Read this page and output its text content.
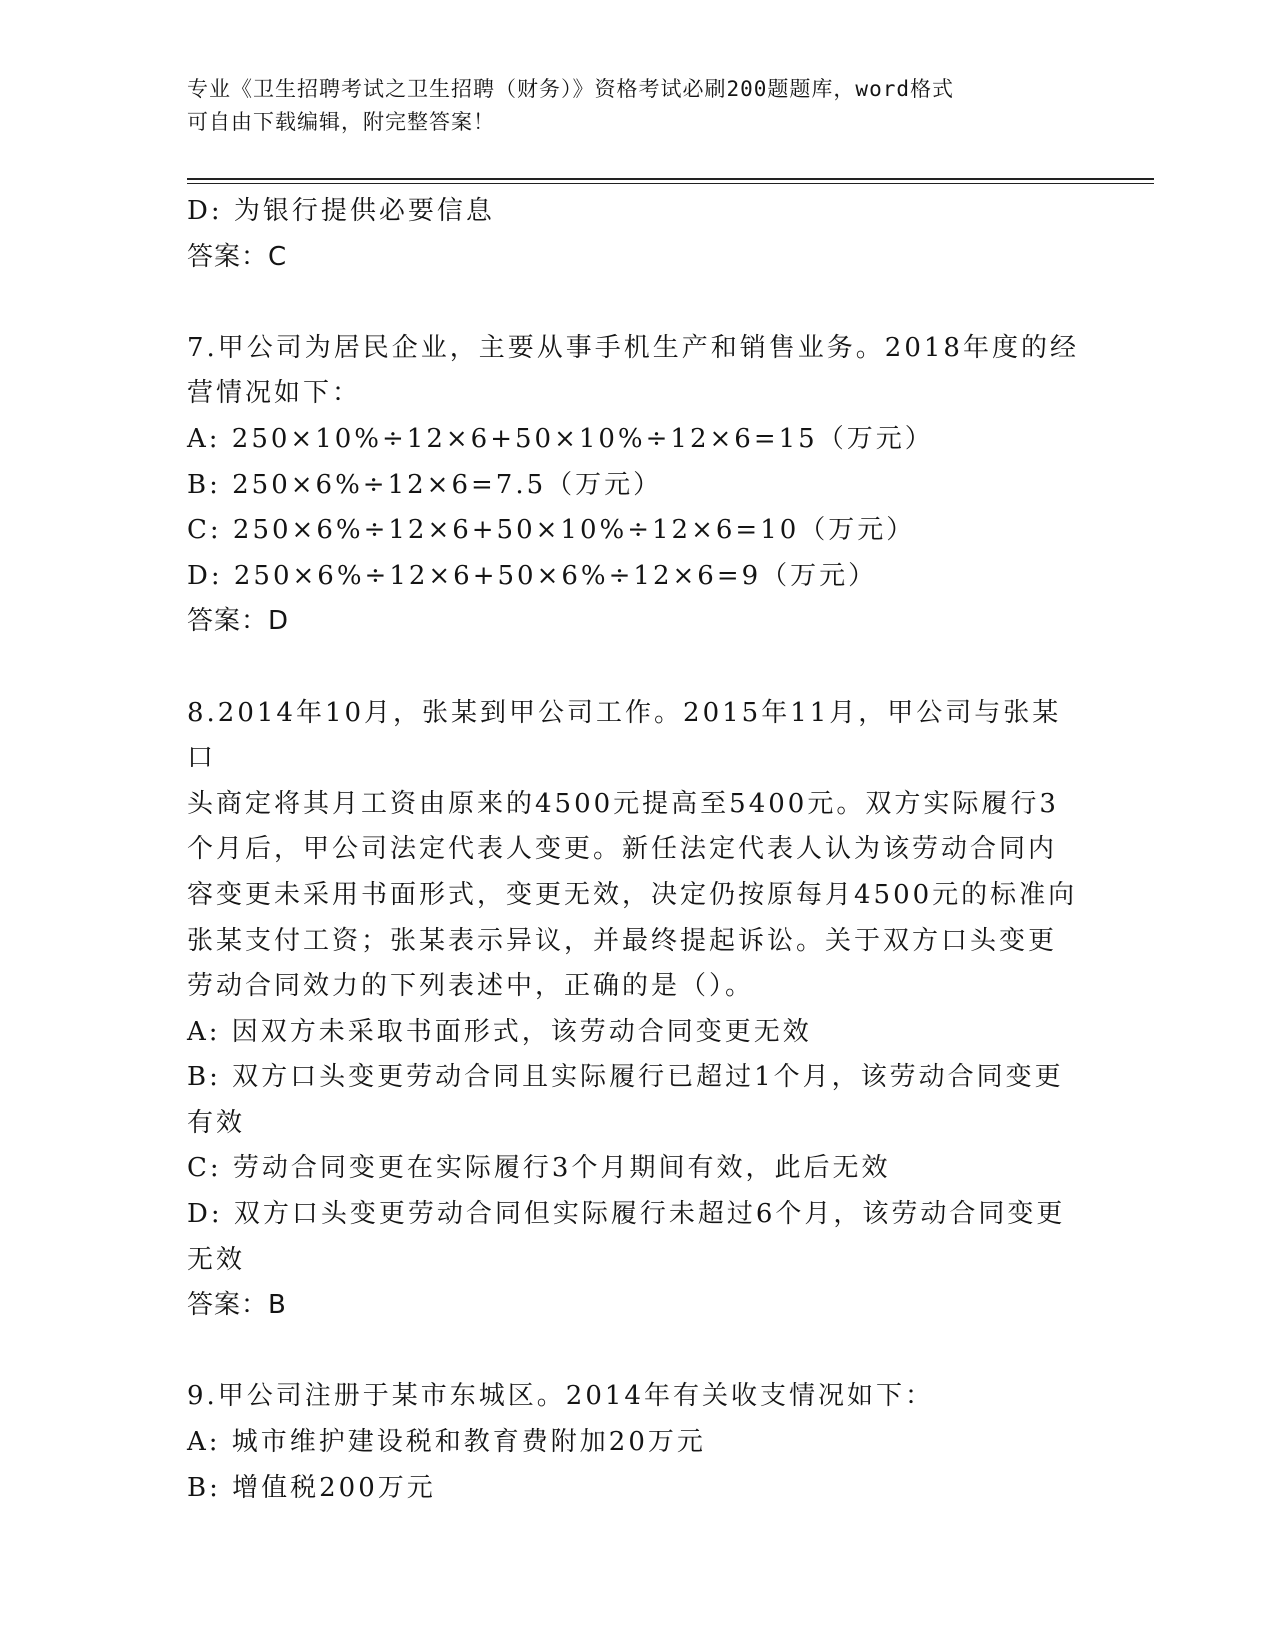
专业《卫生招聘考试之卫生招聘（财务）》资格考试必刷200题题库，word格式
可自由下载编辑，附完整答案！

D: 为银行提供必要信息

答案：C

7.甲公司为居民企业，主要从事手机生产和销售业务。2018年度的经

营情况如下：

A: 250×10%÷12×6+50×10%÷12×6=15（万元）

B: 250×6%÷12×6=7.5（万元）

C: 250×6%÷12×6+50×10%÷12×6=10（万元）

D: 250×6%÷12×6+50×6%÷12×6=9（万元）

答案：D

8.2014年10月，张某到甲公司工作。2015年11月，甲公司与张某口

头商定将其月工资由原来的4500元提高至5400元。双方实际履行3

个月后，甲公司法定代表人变更。新任法定代表人认为该劳动合同内

容变更未采用书面形式，变更无效，决定仍按原每月4500元的标准向

张某支付工资；张某表示异议，并最终提起诉讼。关于双方口头变更

劳动合同效力的下列表述中，正确的是（）。

A: 因双方未采取书面形式，该劳动合同变更无效

B: 双方口头变更劳动合同且实际履行已超过1个月，该劳动合同变更

有效

C: 劳动合同变更在实际履行3个月期间有效，此后无效

D: 双方口头变更劳动合同但实际履行未超过6个月，该劳动合同变更

无效

答案：B

9.甲公司注册于某市东城区。2014年有关收支情况如下：

A: 城市维护建设税和教育费附加20万元

B: 增值税200万元
